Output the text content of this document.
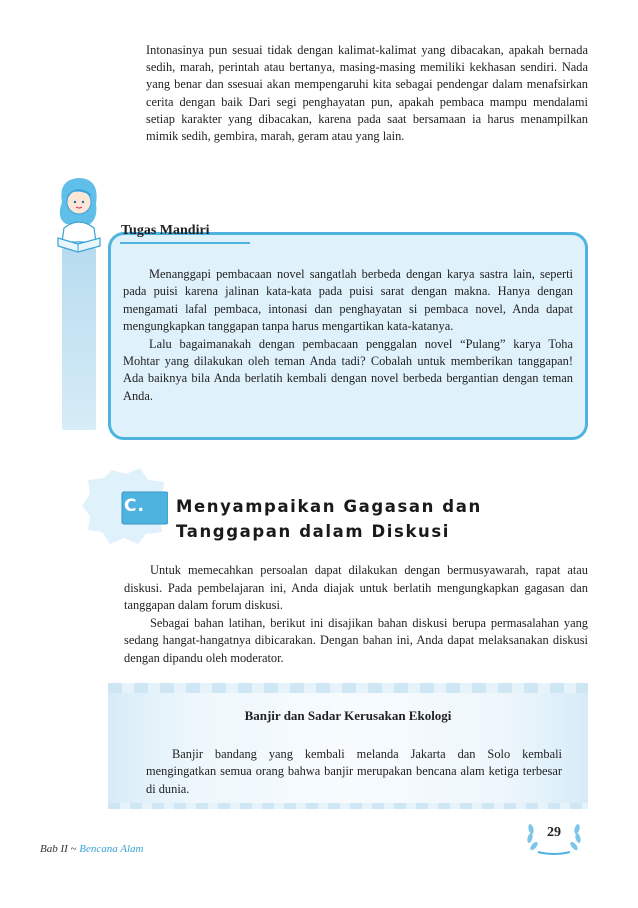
Intonasinya pun sesuai tidak dengan kalimat-kalimat yang dibacakan, apakah bernada sedih, marah, perintah atau bertanya, masing-masing memiliki kekhasan sendiri. Nada yang benar dan ssesuai akan mempengaruhi kita sebagai pendengar dalam menafsirkan cerita dengan baik Dari segi penghayatan pun, apakah pembaca mampu mendalami setiap karakter yang dibacakan, karena pada saat bersamaan ia harus menampilkan mimik sedih, gembira, marah, geram atau yang lain.

Tugas Mandiri

Menanggapi pembacaan novel sangatlah berbeda dengan karya sastra lain, seperti pada puisi karena jalinan kata-kata pada puisi sarat dengan makna. Hanya dengan mengamati lafal pembaca, intonasi dan penghayatan si pembaca novel, Anda dapat mengungkapkan tanggapan tanpa harus mengartikan kata-katanya.

Lalu bagaimanakah dengan pembacaan penggalan novel “Pulang” karya Toha Mohtar yang dilakukan oleh teman Anda tadi? Cobalah untuk memberikan tanggapan! Ada baiknya bila Anda berlatih kembali dengan novel berbeda bergantian dengan teman Anda.

C. Menyampaikan Gagasan dan Tanggapan dalam Diskusi

Untuk memecahkan persoalan dapat dilakukan dengan bermusyawarah, rapat atau diskusi. Pada pembelajaran ini, Anda diajak untuk berlatih mengungkapkan gagasan dan tanggapan dalam forum diskusi.

Sebagai bahan latihan, berikut ini disajikan bahan diskusi berupa permasalahan yang sedang hangat-hangatnya dibicarakan. Dengan bahan ini, Anda dapat melaksanakan diskusi dengan dipandu oleh moderator.

Banjir dan Sadar Kerusakan Ekologi

Banjir bandang yang kembali melanda Jakarta dan Solo kembali mengingatkan semua orang bahwa banjir merupakan bencana alam ketiga terbesar di dunia.

Bab II ~ Bencana Alam
29
